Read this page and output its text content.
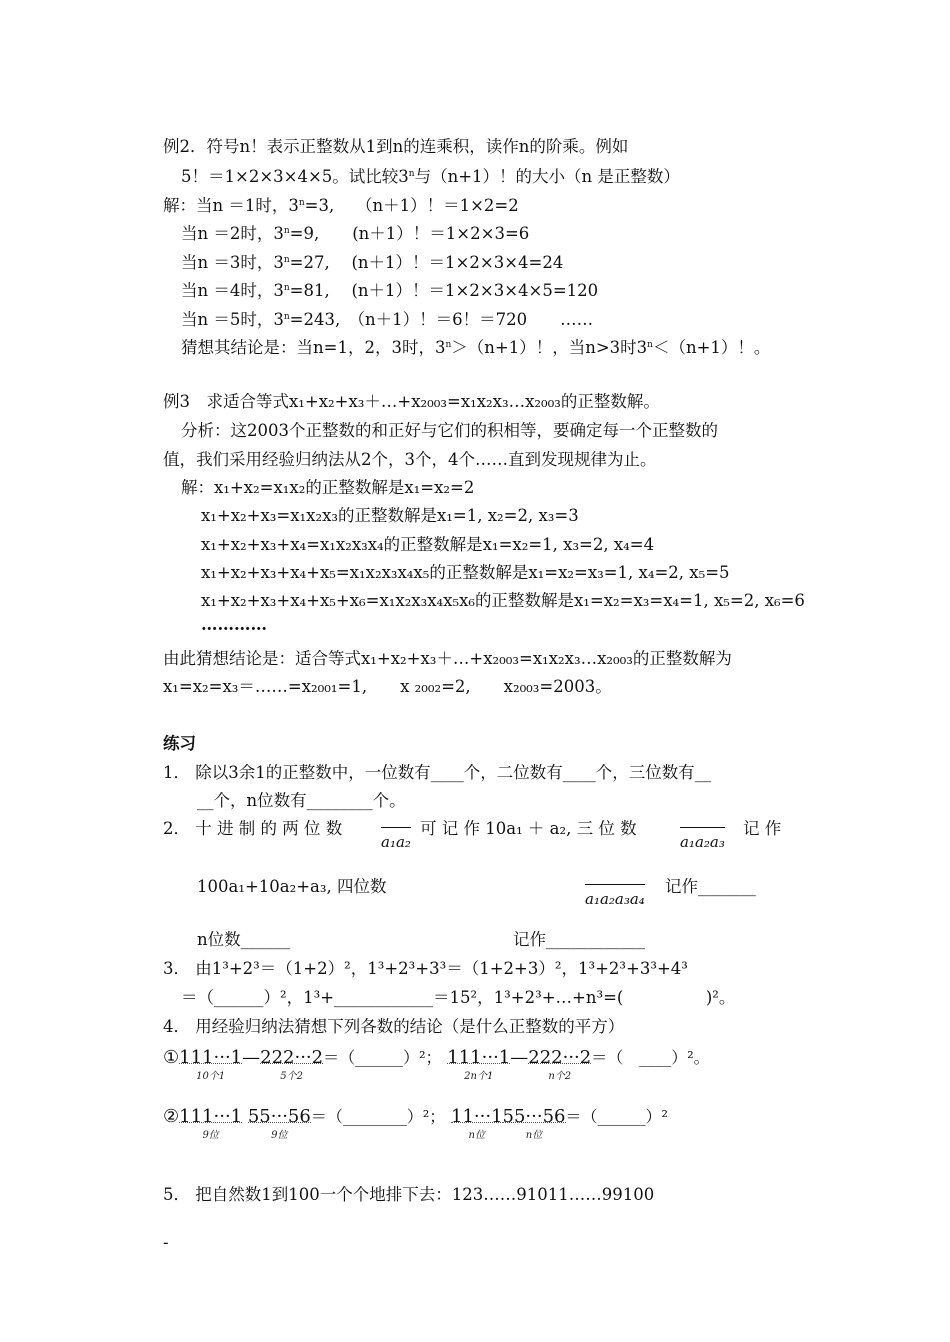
例2．符号n！表示正整数从1到n的连乘积，读作n的阶乘。例如
5！＝1×2×3×4×5。试比较3$^n$与（n+1）！的大小（n 是正整数）
解：当n ＝1时，$3^n=3$,　 （n＋1）！＝1×2=2
当n ＝2时，$3^n=9$,　　(n＋1）！＝1×2×3=6
当n ＝3时，$3^n=27$,　 (n＋1）！＝1×2×3×4=24
当n ＝4时，$3^n=81$,　 (n＋1）！＝1×2×3×4×5=120
当n ＝5时，$3^n=243$,　（n＋1）！＝6！＝720　　……
猜想其结论是：当n=1，2，3时，$3^n>(n+1)$！，当n>3时$3^n<(n+1)$！。
例3　求适合等式x₁+x₂+x₃＋…+x₂₀₀₃=x₁x₂x₃…x₂₀₀₃的正整数解。
分析：这2003个正整数的和正好与它们的积相等，要确定每一个正整数的
值，我们采用经验归纳法从2个，3个，4个……直到发现规律为止。
解：x₁+x₂=x₁x₂的正整数解是x₁=x₂=2
x₁+x₂+x₃=x₁x₂x₃的正整数解是x₁=1, x₂=2, x₃=3
x₁+x₂+x₃+x₄=x₁x₂x₃x₄的正整数解是x₁=x₂=1, x₃=2, x₄=4
x₁+x₂+x₃+x₄+x₅=x₁x₂x₃x₄x₅的正整数解是x₁=x₂=x₃=1, x₄=2, x₅=5
x₁+x₂+x₃+x₄+x₅+x₆=x₁x₂x₃x₄x₅x₆的正整数解是x₁=x₂=x₃=x₄=1, x₅=2, x₆=6
…………
由此猜想结论是：适合等式x₁+x₂+x₃＋…+x₂₀₀₃=x₁x₂x₃…x₂₀₀₃的正整数解为
x₁=x₂=x₃＝……=x₂₀₀₁=1,　　x ₂₀₀₂=2,　　x₂₀₀₃=2003。
练习
1． 除以3余1的正整数中，一位数有____个，二位数有____个，三位数有__
__个，n位数有________个。
2． 十 进 制 的 两 位 数
a₁a₂
可 记 作 10a₁ ＋ a₂, 三 位 数
a₁a₂a₃
记 作
100a₁+10a₂+a₃, 四位数
a₁a₂a₃a₄
记作_______
n位数______	记作____________
3． 由1³+2³＝（1+2）²，1³+2³+3³＝（1+2+3）²，1³+2³+3³+4³
＝（______）²，1³+____________＝15²，1³+2³+…+n³=(　　　　　)²。
4． 用经验归纳法猜想下列各数的结论（是什么正整数的平方）
①111···1
10个1
—222···2
5个2
＝（______）²； 111···1
2n个1
—222···2
n个2
＝（　____）²。
②111···1
9位
55···56
9位
＝（________）²； 11···1
n位
55···56
n位
＝（______）²
5． 把自然数1到100一个个地排下去：123……91011……99100
-
